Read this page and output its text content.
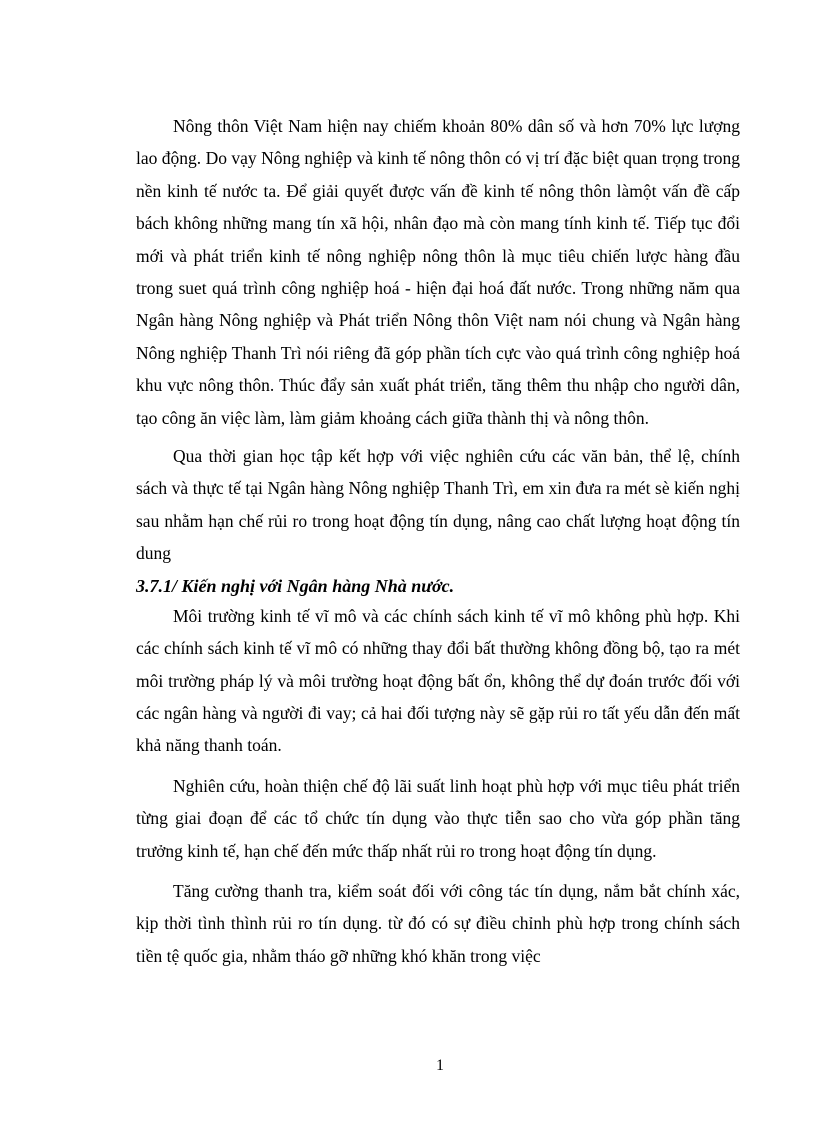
Nông thôn Việt Nam hiện nay chiếm khoản 80% dân số và hơn 70% lực lượng lao động. Do vạy Nông nghiệp và kinh tế nông thôn có vị trí đặc biệt quan trọng trong nền kinh tế nước ta. Để giải quyết được vấn đề kinh tế nông thôn làmột vấn đề cấp bách không những mang tín xã hội, nhân đạo mà còn mang tính kinh tế. Tiếp tục đổi mới và phát triển kinh tế nông nghiệp nông thôn là mục tiêu chiến lược hàng đầu trong suet quá trình công nghiệp hoá - hiện đại hoá đất nước. Trong những năm qua Ngân hàng Nông nghiệp và Phát triển Nông thôn Việt nam nói chung và Ngân hàng Nông nghiệp Thanh Trì nói riêng đã góp phần tích cực vào quá trình công nghiệp hoá khu vực nông thôn. Thúc đẩy sản xuất phát triển, tăng thêm thu nhập cho người dân, tạo công ăn việc làm, làm giảm khoảng cách giữa thành thị và nông thôn.

Qua thời gian học tập kết hợp với việc nghiên cứu các văn bản, thể lệ, chính sách và thực tế tại Ngân hàng Nông nghiệp Thanh Trì, em xin đưa ra mét sè kiến nghị sau nhằm hạn chế rủi ro trong hoạt động tín dụng, nâng cao chất lượng hoạt động tín dung

3.7.1/ Kiến nghị với Ngân hàng Nhà nước.

Môi trường kinh tế vĩ mô và các chính sách kinh tế vĩ mô không phù hợp. Khi các chính sách kinh tế vĩ mô có những thay đổi bất thường không đồng bộ, tạo ra mét môi trường pháp lý và môi trường hoạt động bất ổn, không thể dự đoán trước đối với các ngân hàng và người đi vay; cả hai đối tượng này sẽ gặp rủi ro tất yếu dẫn đến mất khả năng thanh toán.

Nghiên cứu, hoàn thiện chế độ lãi suất linh hoạt phù hợp với mục tiêu phát triển từng giai đoạn để các tổ chức tín dụng vào thực tiễn sao cho vừa góp phần tăng trưởng kinh tế, hạn chế đến mức thấp nhất rủi ro trong hoạt động tín dụng.

Tăng cường thanh tra, kiểm soát đối với công tác tín dụng, nắm bắt chính xác, kịp thời tình thình rủi ro tín dụng. từ đó có sự điều chỉnh phù hợp trong chính sách tiền tệ quốc gia, nhằm tháo gỡ những khó khăn trong việc

1
